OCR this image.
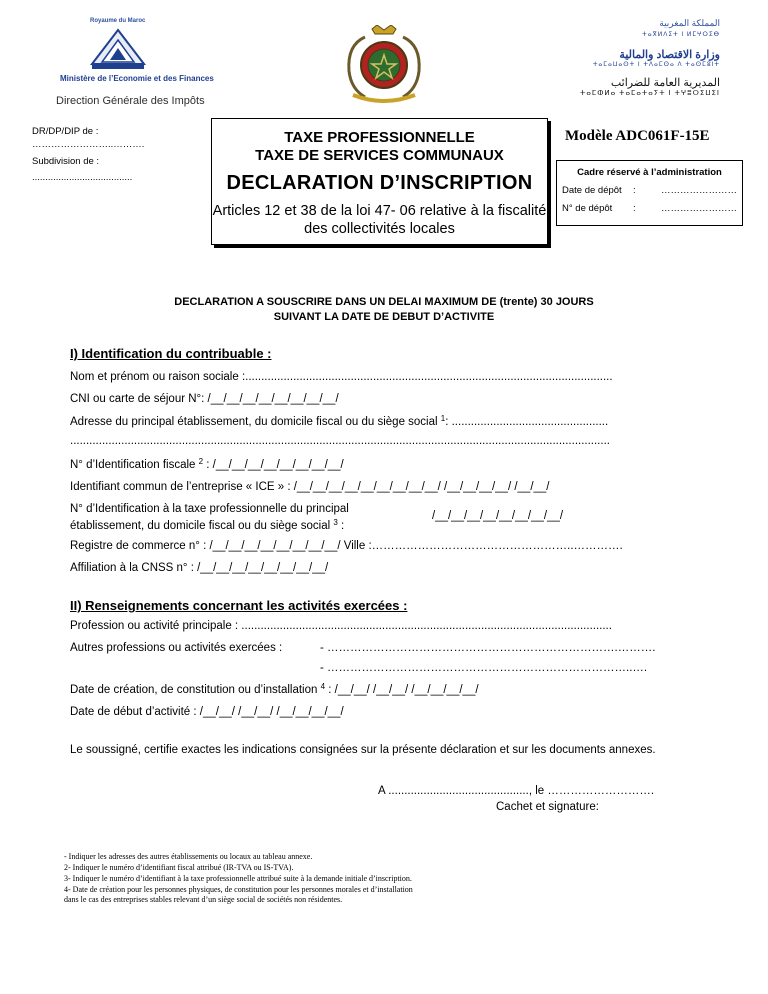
Royaume du Maroc
Ministère de l’Economie et des Finances
Direction Générale des Impôts
المملكة المغربية
ⵜⴰⴳⵍⴷⵉⵜ ⵏ ⵍⵎⵖⵔⵉⴱ
وزارة الاقتصاد والمالية
ⵜⴰⵎⴰⵡⴰⵙⵜ ⵏ ⵜⴷⴰⵎⵙⴰ ⴷ ⵜⴰⵙⵎⵓⵏⵜ
المديرية العامة للضرائب
ⵜⴰⵎⵀⵍⴰ ⵜⴰⵎⴰⵜⴰⵢⵜ ⵏ ⵜⵖⵓⵔⵉⵡⵉⵏ
DR/DP/DIP de :
……………………..……….
Subdivision de :
......................................
TAXE PROFESSIONNELLE
TAXE DE SERVICES COMMUNAUX
DECLARATION D’INSCRIPTION
Articles 12 et 38 de la loi 47- 06 relative à la fiscalité des collectivités locales
Modèle ADC061F-15E
Cadre réservé à l’administration
Date de dépôt :	……………………
N° de dépôt :	……………………
DECLARATION A SOUSCRIRE DANS UN DELAI MAXIMUM DE (trente) 30 JOURS
SUIVANT LA DATE DE DEBUT D’ACTIVITE
I) Identification du contribuable :
Nom et prénom ou raison sociale :...................................................................................................................
CNI ou carte de séjour N°: /__/__/__/__/__/__/__/__/
Adresse du principal établissement, du domicile fiscal ou du siège social $^1$: .................................................
.........................................................................................................................................................................
N° d’Identification fiscale $^2$ : /__/__/__/__/__/__/__/__/
Identifiant commun de l’entreprise « ICE » : /__/__/__/__/__/__/__/__/__/ /__/__/__/__/ /__/__/
N° d’Identification à la taxe professionnelle du principal
établissement, du domicile fiscal ou du siège social $^3$ :
/__/__/__/__/__/__/__/__/
Registre de commerce n° : /__/__/__/__/__/__/__/__/ Ville :……………………………………………..………….
Affiliation à la CNSS n° : /__/__/__/__/__/__/__/__/
II) Renseignements concernant les activités exercées :
Profession ou activité principale : ....................................................................................................................
Autres professions ou activités exercées :	- ………………………………………………………………….……….
- ……………………………………………………………………..….
Date de création, de constitution ou d’installation $^4$ : /__/__/ /__/__/ /__/__/__/__/
Date de début d’activité : /__/__/ /__/__/ /__/__/__/__/
Le soussigné, certifie exactes les indications consignées sur la présente déclaration et sur les documents annexes.
A ............................................, le ……………………….
Cachet et signature:
- Indiquer les adresses des autres établissements ou locaux au tableau annexe.
2- Indiquer le numéro d’identifiant fiscal attribué (IR-TVA ou IS-TVA).
3- Indiquer le numéro d’identifiant à la taxe professionnelle attribué suite à la demande initiale d’inscription.
4- Date de création pour les personnes physiques, de constitution pour les personnes morales et d’installation
dans le cas des entreprises stables relevant d’un siège social de sociétés non résidentes.
